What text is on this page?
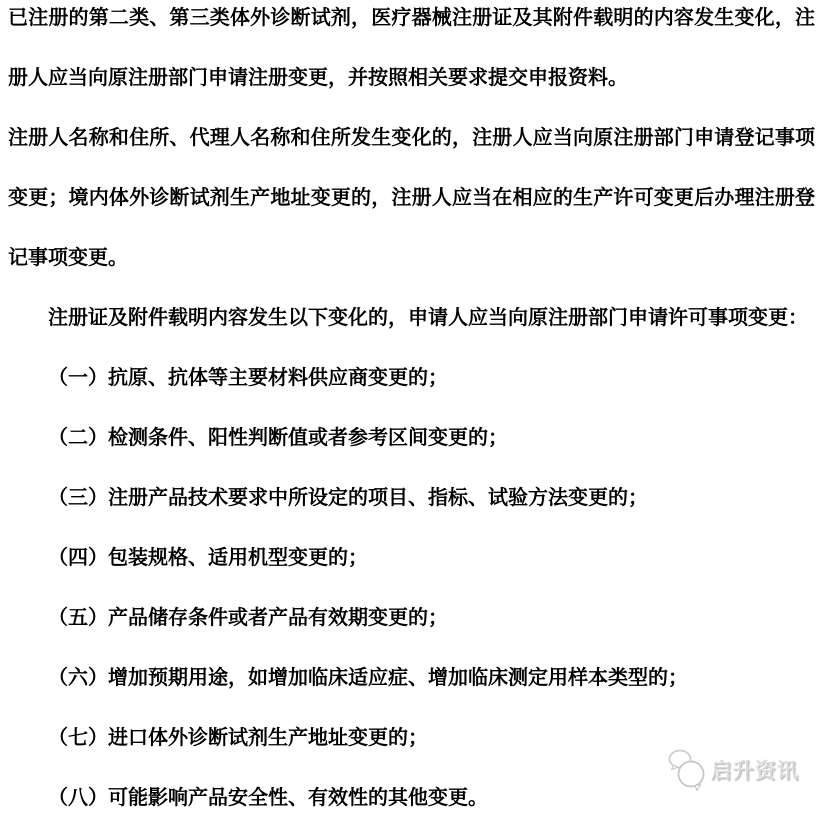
已注册的第二类、第三类体外诊断试剂，医疗器械注册证及其附件载明的内容发生变化，注册人应当向原注册部门申请注册变更，并按照相关要求提交申报资料。

注册人名称和住所、代理人名称和住所发生变化的，注册人应当向原注册部门申请登记事项变更；境内体外诊断试剂生产地址变更的，注册人应当在相应的生产许可变更后办理注册登记事项变更。

注册证及附件载明内容发生以下变化的，申请人应当向原注册部门申请许可事项变更：

（一）抗原、抗体等主要材料供应商变更的；

（二）检测条件、阳性判断值或者参考区间变更的；

（三）注册产品技术要求中所设定的项目、指标、试验方法变更的；

（四）包装规格、适用机型变更的；

（五）产品储存条件或者产品有效期变更的；

（六）增加预期用途，如增加临床适应症、增加临床测定用样本类型的；

（七）进口体外诊断试剂生产地址变更的；

（八）可能影响产品安全性、有效性的其他变更。

启升资讯
